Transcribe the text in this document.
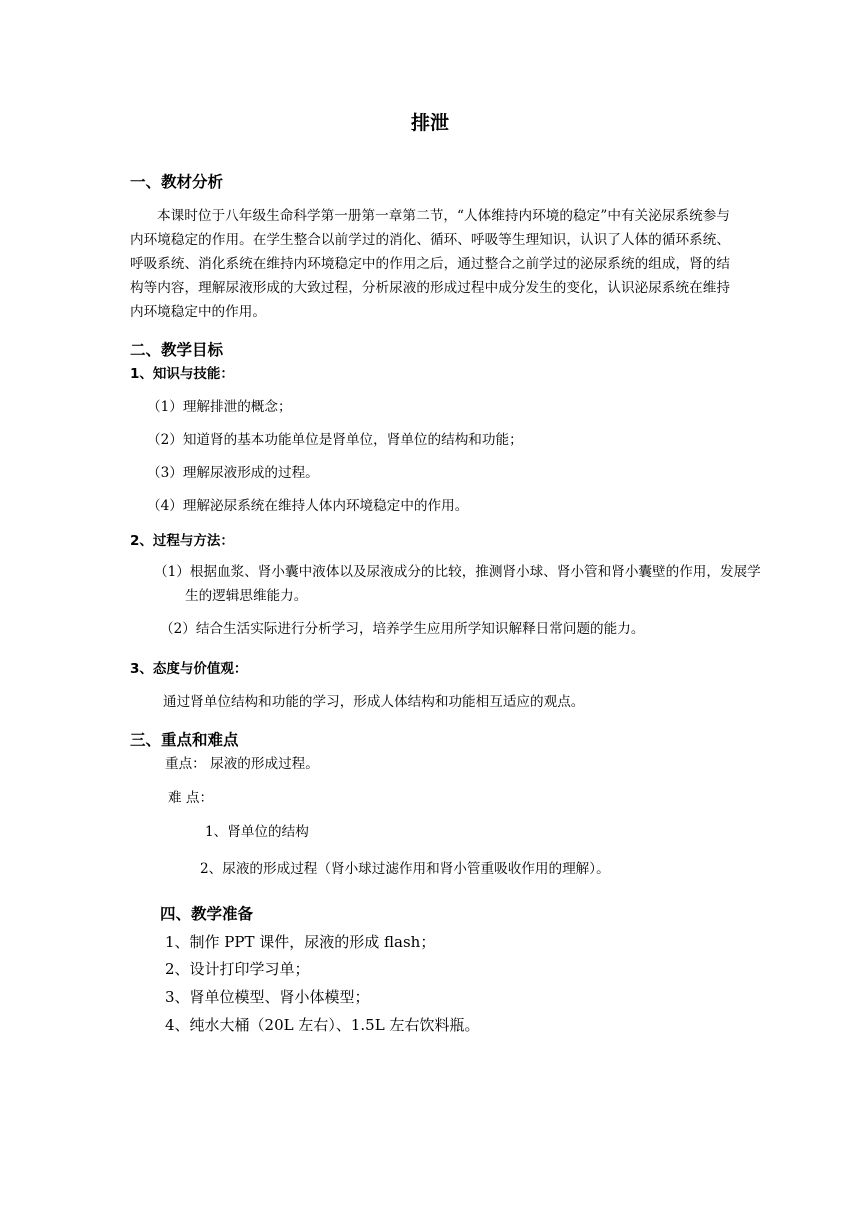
排泄
一、教材分析
本课时位于八年级生命科学第一册第一章第二节，“人体维持内环境的稳定”中有关泌尿系统参与内环境稳定的作用。在学生整合以前学过的消化、循环、呼吸等生理知识，认识了人体的循环系统、呼吸系统、消化系统在维持内环境稳定中的作用之后，通过整合之前学过的泌尿系统的组成，肾的结构等内容，理解尿液形成的大致过程，分析尿液的形成过程中成分发生的变化，认识泌尿系统在维持内环境稳定中的作用。
二、教学目标
1、知识与技能：
（1）理解排泄的概念；
（2）知道肾的基本功能单位是肾单位，肾单位的结构和功能；
（3）理解尿液形成的过程。
（4）理解泌尿系统在维持人体内环境稳定中的作用。
2、过程与方法：
（1）根据血浆、肾小囊中液体以及尿液成分的比较，推测肾小球、肾小管和肾小囊壁的作用，发展学生的逻辑思维能力。
（2）结合生活实际进行分析学习，培养学生应用所学知识解释日常问题的能力。
3、态度与价值观：
通过肾单位结构和功能的学习，形成人体结构和功能相互适应的观点。
三、重点和难点
重点： 尿液的形成过程。
难 点：
1、肾单位的结构
2、尿液的形成过程（肾小球过滤作用和肾小管重吸收作用的理解）。
四、教学准备
1、制作 PPT 课件，尿液的形成 flash；
2、设计打印学习单；
3、肾单位模型、肾小体模型；
4、纯水大桶（20L 左右）、1.5L 左右饮料瓶。
